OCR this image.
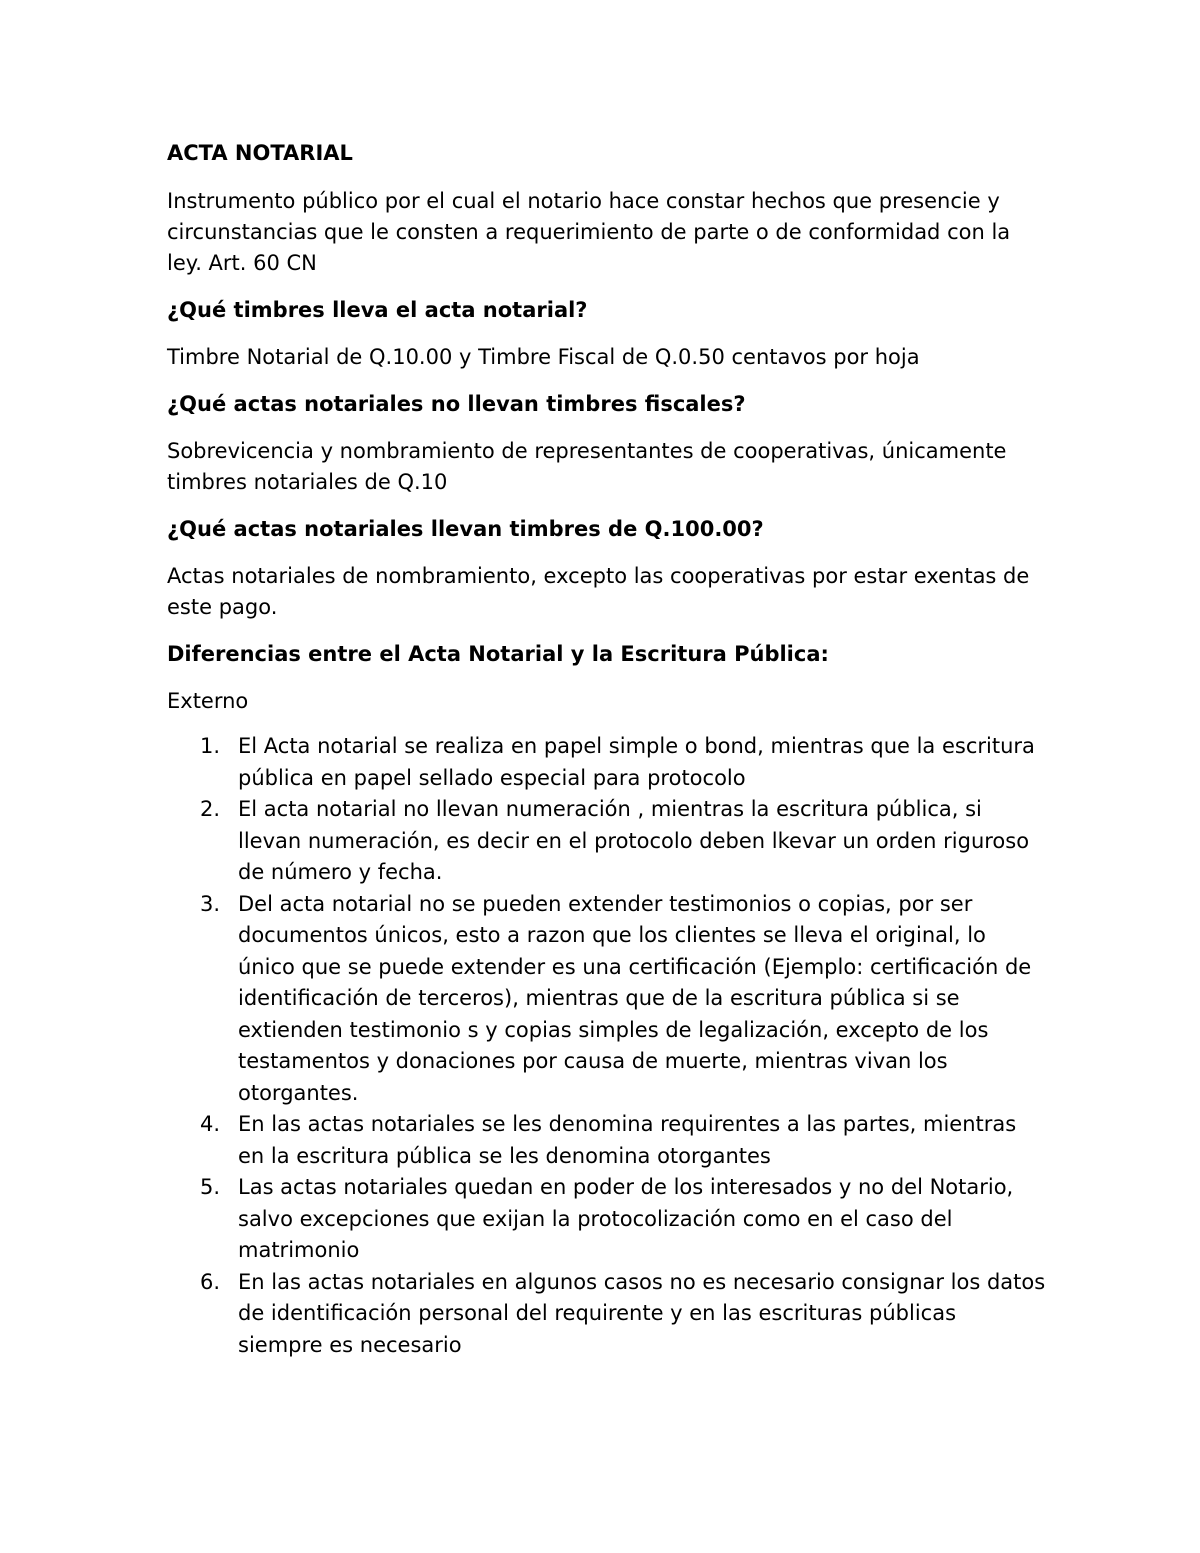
ACTA NOTARIAL
Instrumento público por el cual el notario hace constar hechos que presencie y circunstancias que le consten a requerimiento de parte o de conformidad con la ley. Art. 60 CN
¿Qué timbres lleva el acta notarial?
Timbre Notarial de Q.10.00 y Timbre Fiscal de Q.0.50 centavos por hoja
¿Qué actas notariales no llevan timbres fiscales?
Sobrevicencia y nombramiento de representantes de cooperativas, únicamente timbres notariales de Q.10
¿Qué actas notariales llevan timbres de Q.100.00?
Actas notariales de nombramiento, excepto las cooperativas por estar exentas de este pago.
Diferencias entre el Acta Notarial y la Escritura Pública:
Externo
1. El Acta notarial se realiza en papel simple o bond, mientras que la escritura pública en papel sellado especial para protocolo
2. El acta notarial no llevan numeración , mientras la escritura pública, si llevan numeración, es decir en el protocolo deben lkevar un orden riguroso de número y fecha.
3. Del acta notarial no se pueden extender testimonios o copias, por ser documentos únicos, esto a razon que los clientes se lleva el original, lo único que se puede extender es una certificación (Ejemplo: certificación de identificación de terceros), mientras que de la escritura pública si se extienden testimonio s y copias simples de legalización, excepto de los testamentos y donaciones por causa de muerte, mientras vivan los otorgantes.
4. En las actas notariales se les denomina requirentes a las partes, mientras en la escritura pública se les denomina otorgantes
5. Las actas notariales quedan en poder de los interesados y no del Notario, salvo excepciones que exijan la protocolización como en el caso del matrimonio
6. En las actas notariales en algunos casos no es necesario consignar los datos de identificación personal del requirente y en las escrituras públicas siempre es necesario
